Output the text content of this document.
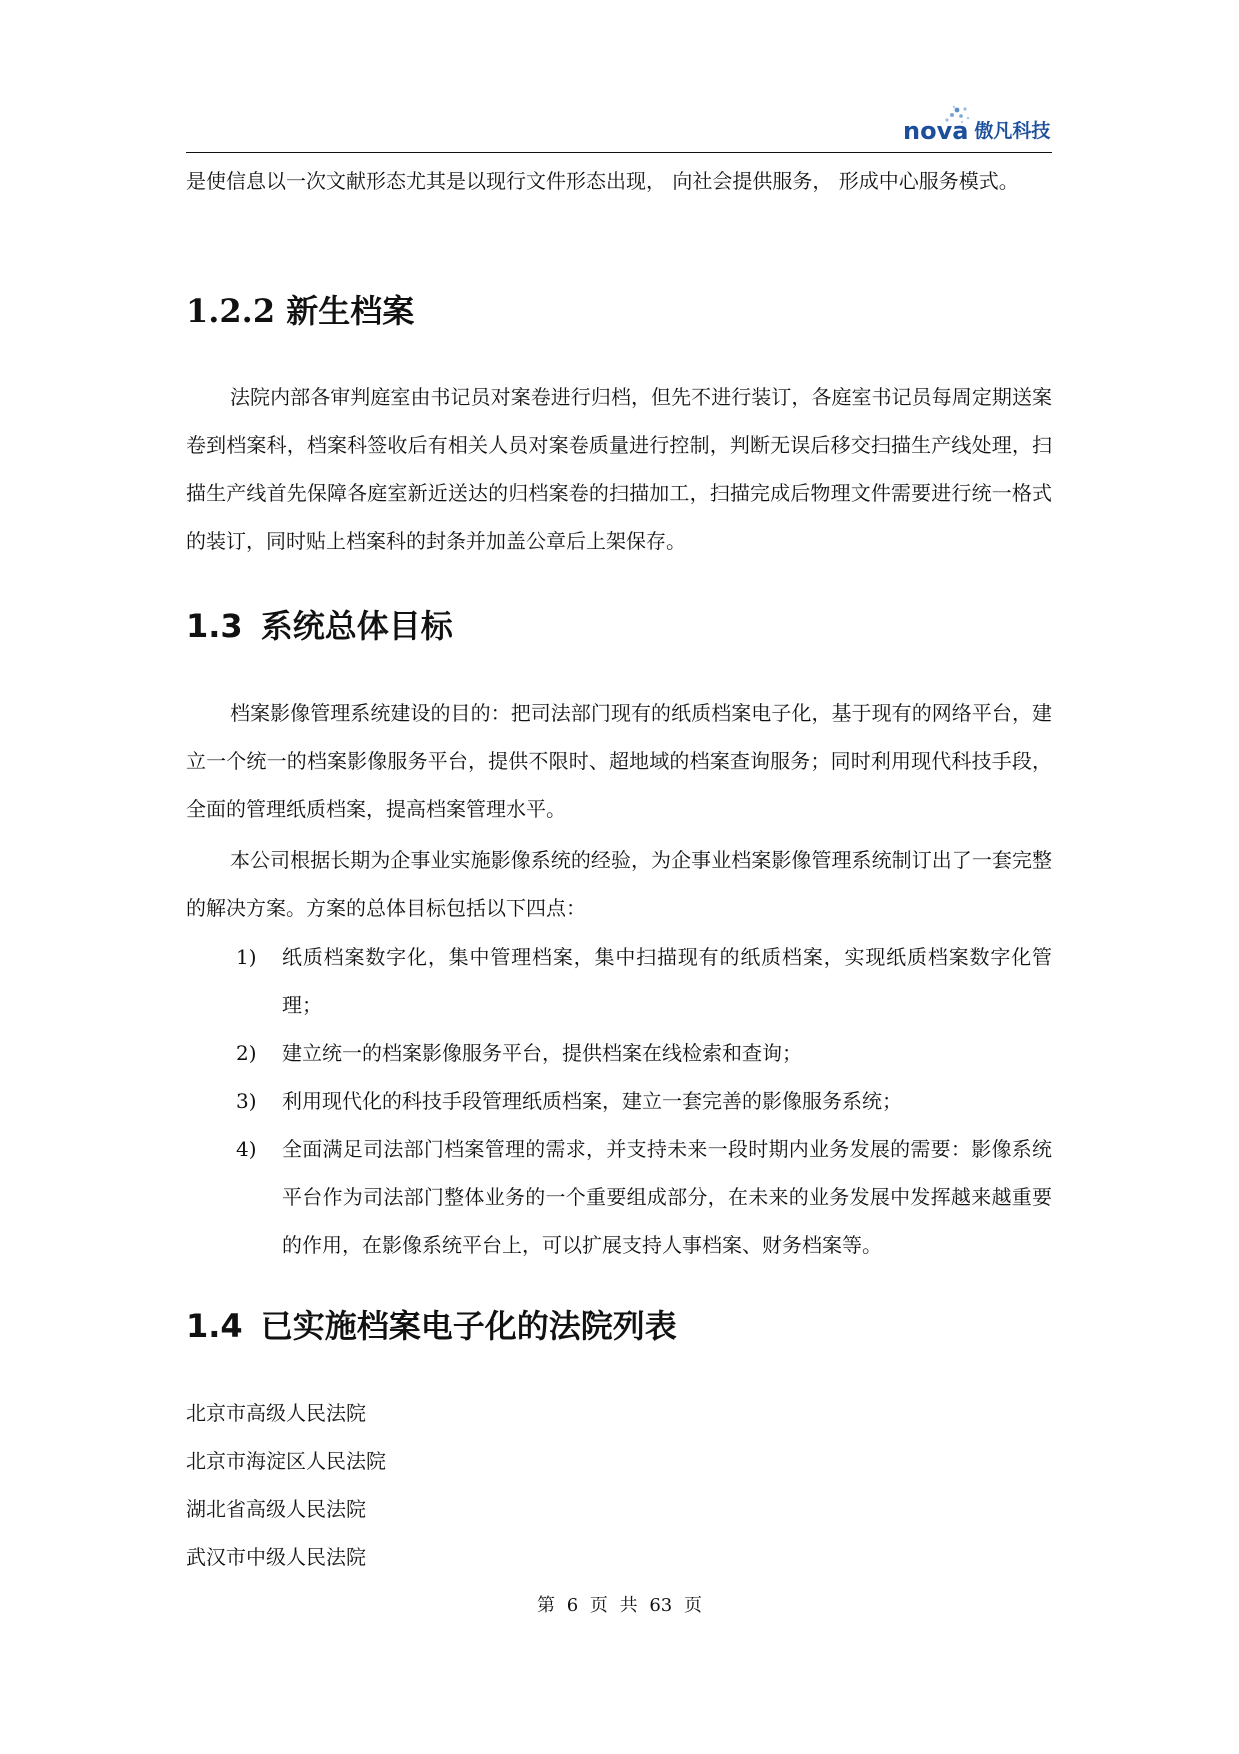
nova 傲凡科技

是使信息以一次文献形态尤其是以现行文件形态出现， 向社会提供服务， 形成中心服务模式。

1.2.2 新生档案

法院内部各审判庭室由书记员对案卷进行归档，但先不进行装订，各庭室书记员每周定期送案卷到档案科，档案科签收后有相关人员对案卷质量进行控制，判断无误后移交扫描生产线处理，扫描生产线首先保障各庭室新近送达的归档案卷的扫描加工，扫描完成后物理文件需要进行统一格式的装订，同时贴上档案科的封条并加盖公章后上架保存。

1.3 系统总体目标

档案影像管理系统建设的目的：把司法部门现有的纸质档案电子化，基于现有的网络平台，建立一个统一的档案影像服务平台，提供不限时、超地域的档案查询服务；同时利用现代科技手段，全面的管理纸质档案，提高档案管理水平。

本公司根据长期为企事业实施影像系统的经验，为企事业档案影像管理系统制订出了一套完整的解决方案。方案的总体目标包括以下四点：

1) 纸质档案数字化，集中管理档案，集中扫描现有的纸质档案，实现纸质档案数字化管理；
2) 建立统一的档案影像服务平台，提供档案在线检索和查询；
3) 利用现代化的科技手段管理纸质档案，建立一套完善的影像服务系统；
4) 全面满足司法部门档案管理的需求，并支持未来一段时期内业务发展的需要：影像系统平台作为司法部门整体业务的一个重要组成部分，在未来的业务发展中发挥越来越重要的作用，在影像系统平台上，可以扩展支持人事档案、财务档案等。
1.4 已实施档案电子化的法院列表

北京市高级人民法院

北京市海淀区人民法院

湖北省高级人民法院

武汉市中级人民法院

第 6 页 共 63 页
